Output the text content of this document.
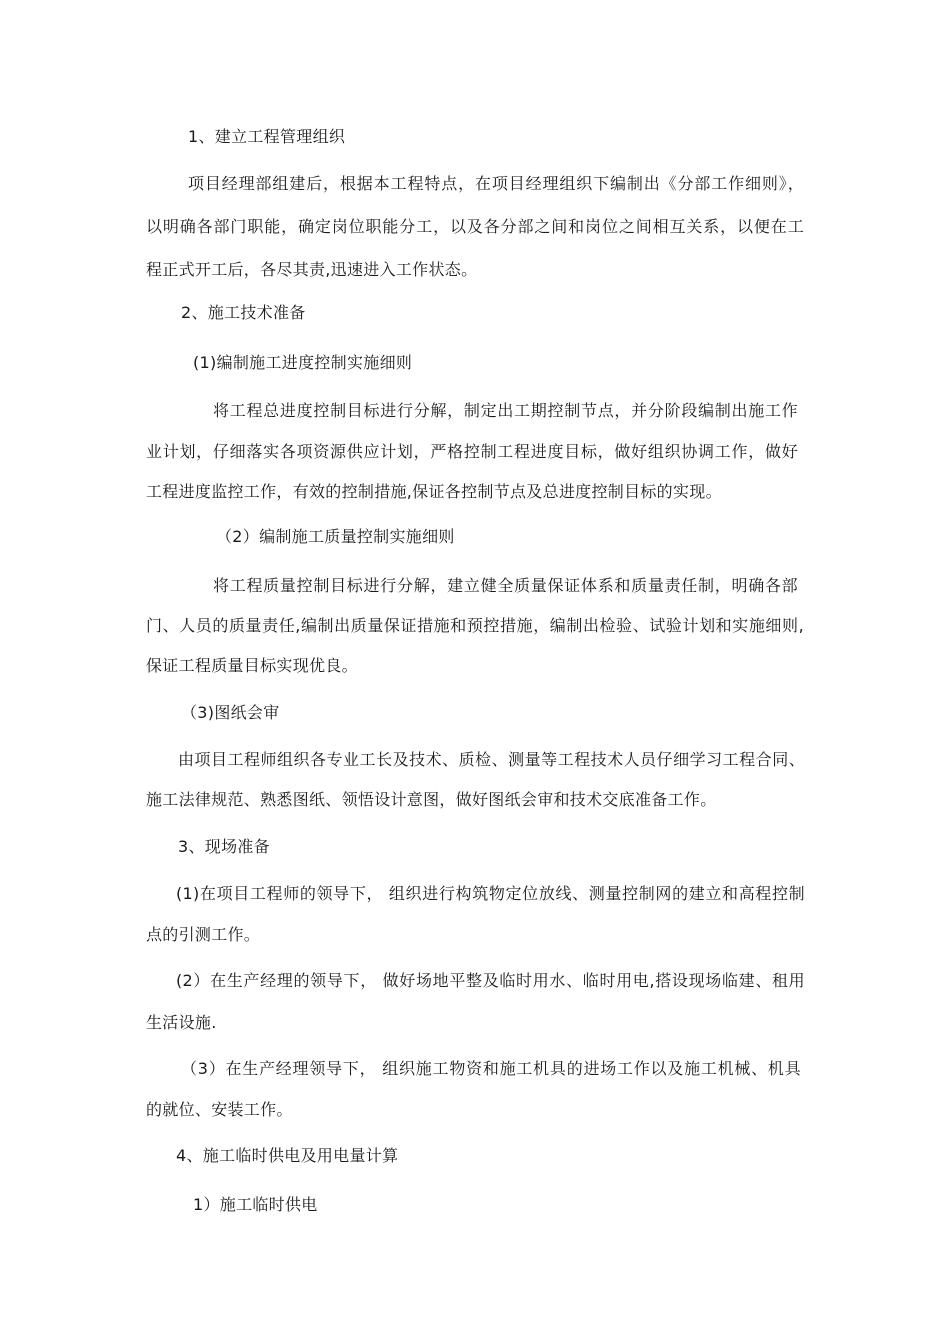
1、建立工程管理组织

项目经理部组建后，根据本工程特点，在项目经理组织下编制出《分部工作细则》，

以明确各部门职能，确定岗位职能分工，以及各分部之间和岗位之间相互关系，以便在工

程正式开工后，各尽其责,迅速进入工作状态。

2、施工技术准备

(1)编制施工进度控制实施细则

将工程总进度控制目标进行分解，制定出工期控制节点，并分阶段编制出施工作

业计划，仔细落实各项资源供应计划，严格控制工程进度目标，做好组织协调工作，做好

工程进度监控工作，有效的控制措施,保证各控制节点及总进度控制目标的实现。

（2）编制施工质量控制实施细则

将工程质量控制目标进行分解，建立健全质量保证体系和质量责任制，明确各部

门、人员的质量责任,编制出质量保证措施和预控措施，编制出检验、试验计划和实施细则,

保证工程质量目标实现优良。

（3)图纸会审

由项目工程师组织各专业工长及技术、质检、测量等工程技术人员仔细学习工程合同、

施工法律规范、熟悉图纸、领悟设计意图，做好图纸会审和技术交底准备工作。

3、现场准备

(1)在项目工程师的领导下， 组织进行构筑物定位放线、测量控制网的建立和高程控制

点的引测工作。

(2）在生产经理的领导下， 做好场地平整及临时用水、临时用电,搭设现场临建、租用

生活设施.

（3）在生产经理领导下， 组织施工物资和施工机具的进场工作以及施工机械、机具

的就位、安装工作。

4、施工临时供电及用电量计算

1）施工临时供电
